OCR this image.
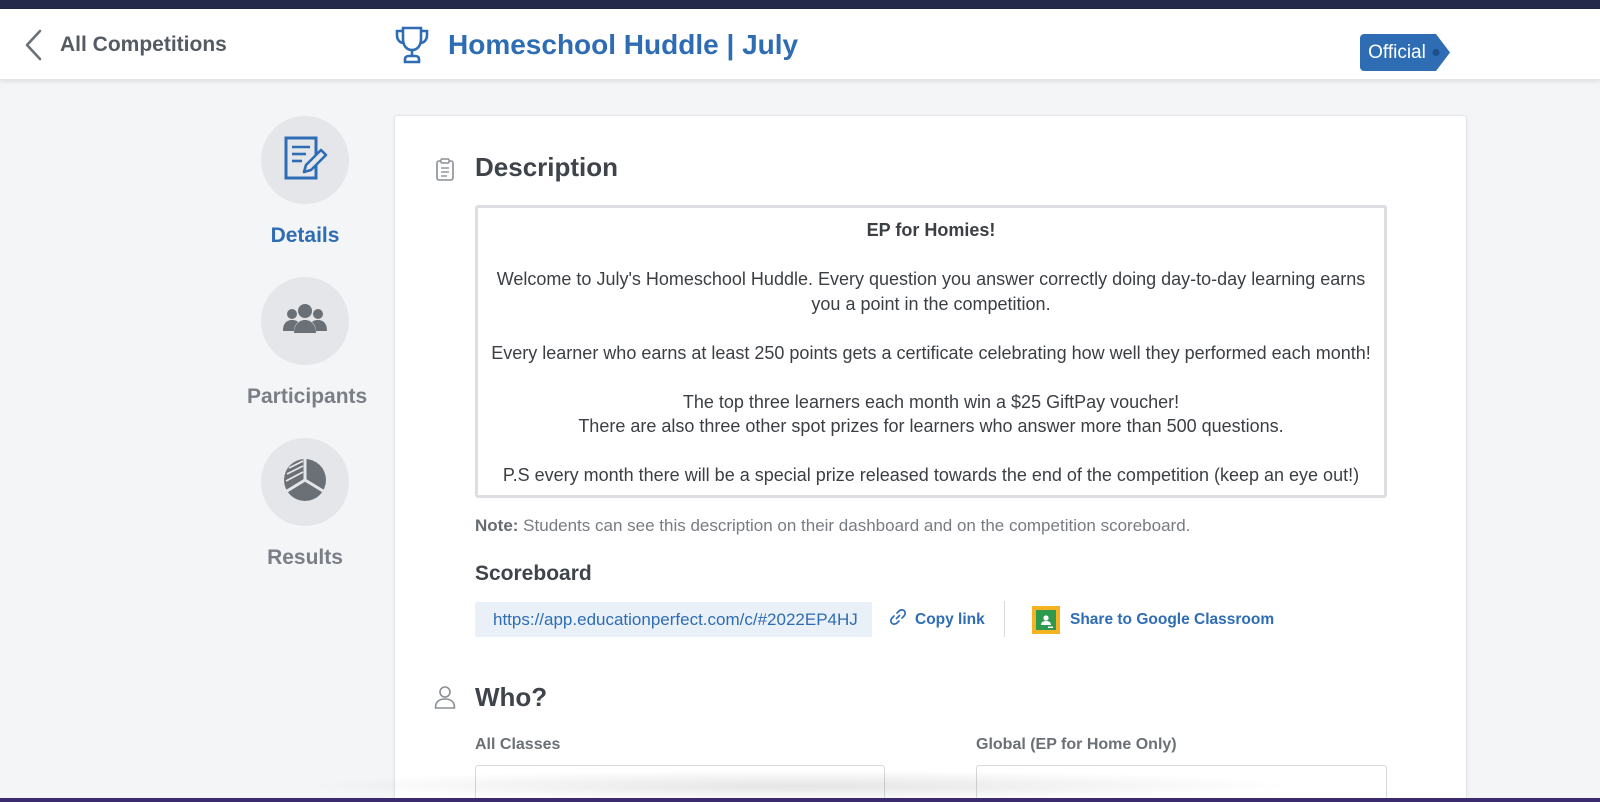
All Competitions	Homeschool Huddle | July	Official
Details
Participants
Results
Description

EP for Homies!

Welcome to July's Homeschool Huddle. Every question you answer correctly doing day-to-day learning earns you a point in the competition.

Every learner who earns at least 250 points gets a certificate celebrating how well they performed each month!

The top three learners each month win a $25 GiftPay voucher!

There are also three other spot prizes for learners who answer more than 500 questions.

P.S every month there will be a special prize released towards the end of the competition (keep an eye out!)

Note: Students can see this description on their dashboard and on the competition scoreboard.
Scoreboard
https://app.educationperfect.com/c/#2022EP4HJ	Copy link	Share to Google Classroom
Who?
All Classes	Global (EP for Home Only)
